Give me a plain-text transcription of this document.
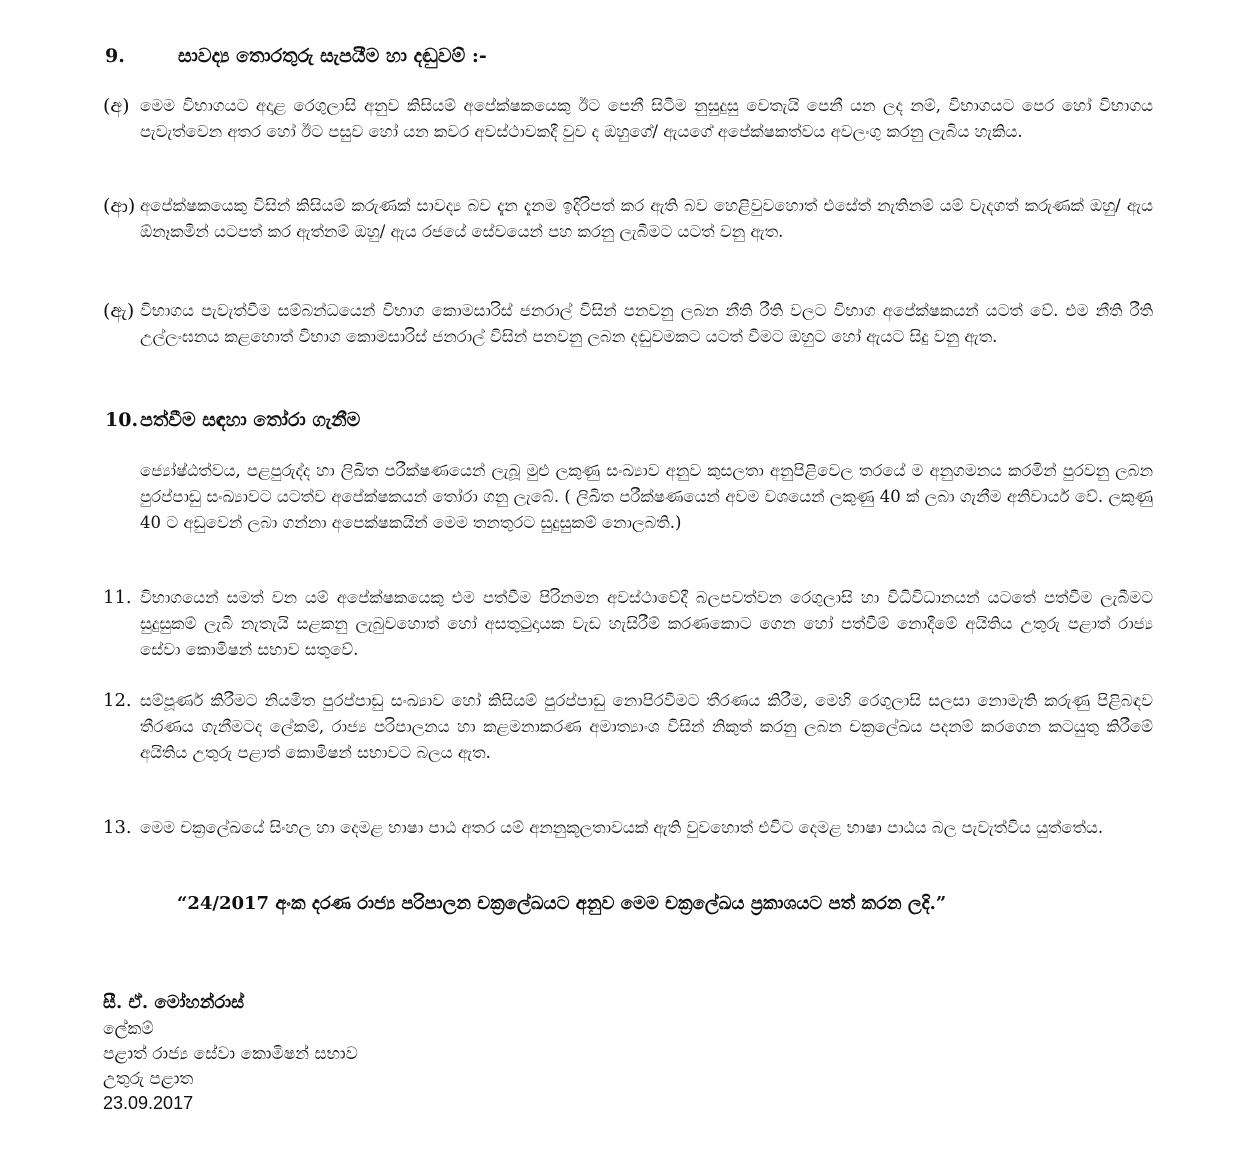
9.	සාවද්‍ය තොරතුරු සැපයීම හා දඬුවම් :-
(අ) මෙම විභාගයට අදාළ රෙගුලාසි අනුව කිසියම් අපේක්ෂකයෙකු ඊට පෙනී සිටීම නුසුදුසු වෙතැයි පෙනී යන ලද නම්, විභාගයට පෙර හෝ විභාගය පැවැත්වෙන අතර හෝ ඊට පසුව හෝ යන කවර අවස්ථාවකදී වුව ද ඔහුගේ/ ඇයගේ අපේක්ෂකත්වය අවලංගු කරනු ලැබිය හැකිය.
(ආ) අපේක්ෂකයෙකු විසින් කිසියම් කරුණක් සාවද්‍ය බව දැන දැනම ඉදිරිපත් කර ඇති බව හෙළිවුවහොත් එසේත් නැතිනම් යම් වැදගත් කරුණක් ඔහු/ ඇය ඕනෑකමින් යටපත් කර ඇත්නම් ඔහු/ ඇය රජයේ සේවයෙන් පහ කරනු ලැබීමට යටත් වනු ඇත.
(ඇ) විභාගය පැවැත්වීම සම්බන්ධයෙන් විභාග කොමසාරිස් ජනරාල් විසින් පනවනු ලබන නීති රීති වලට විභාග අපේක්ෂකයන් යටත් වේ. එම නීති රීති උල්ලංඝනය කළහොත් විභාග කොමසාරිස් ජනරාල් විසින් පනවනු ලබන දඬුවමකට යටත් වීමට ඔහුට හෝ ඇයට සිදු වනු ඇත.
10. පත්වීම සඳහා තෝරා ගැනීම
ජ්‍යෝෂ්ඨත්වය, පළපුරුද්ද හා ලිඛිත පරීක්ෂණයෙන් ලැබූ මුළු ලකුණු සංඛ්‍යාව අනුව කුසලතා අනුපිළිවෙල තරයේ ම අනුගමනය කරමින් පුරවනු ලබන පුරප්පාඩු සංඛ්‍යාවට යටත්ව අපේක්ෂකයන් තෝරා ගනු ලැබේ. ( ලිඛිත පරීක්ෂණයෙන් අවම වශයෙන් ලකුණු 40 ක් ලබා ගැනීම අනිවාර්ය වේ. ලකුණු 40 ට අඩුවෙන් ලබා ගන්නා අපෙක්ෂකයින් මෙම තනතුරට සුදුසුකම් නොලබති.)
11. විභාගයෙන් සමත් වන යම් අපේක්ෂකයෙකු එම පත්වීම පිරිනමන අවස්ථාවේදී බලපවත්වන රෙගුලාසි හා විධිවිධානයන් යටතේ පත්වීම ලැබීමට සුදුසුකම් ලැබී නැතැයි සළකනු ලැබුවහොත් හෝ අසතුටුදායක වැඩ හැසිරීම් කරණකොට ගෙන හෝ පත්වීම් නොදීමේ අයිතිය උතුරු පළාත් රාජ්‍ය සේවා කොමිෂන් සභාව සතුවේ.
12. සම්පූර්ණ කිරීමට නියමිත පුරප්පාඩු සංඛ්‍යාව හෝ කිසියම් පුරප්පාඩු නොපිරවීමට තීරණය කිරීම, මෙහි රෙගුලාසි සලසා නොමැති කරුණු පිළිබඳව තීරණය ගැනීමටද ලේකම්, රාජ්‍ය පරිපාලනය හා කළමනාකරණ අමාත්‍යාංශ විසින් නිකුත් කරනු ලබන චක්‍රලේඛය පදනම් කරගෙන කටයුතු කිරීමේ අයිතිය උතුරු පළාත් කොමිෂන් සභාවට බලය ඇත.
13. මෙම චක්‍රලේඛයේ සිංහල හා දෙමළ භාෂා පාඨ අතර යම් අනනුකූලතාවයක් ඇති වුවහොත් එවිට දෙමළ භාෂා පාඨය බල පැවැත්විය යුත්තේය.
“24/2017 අංක දරණ රාජ්‍ය පරිපාලන චක්‍රලේඛයට අනුව මෙම චක්‍රලේඛය ප්‍රකාශයට පත් කරන ලදි.”
සී. ඒ. මෝහන්රාස්
ලේකම්
පළාත් රාජ්‍ය සේවා කොමිෂන් සභාව
උතුරු පළාත
23.09.2017
